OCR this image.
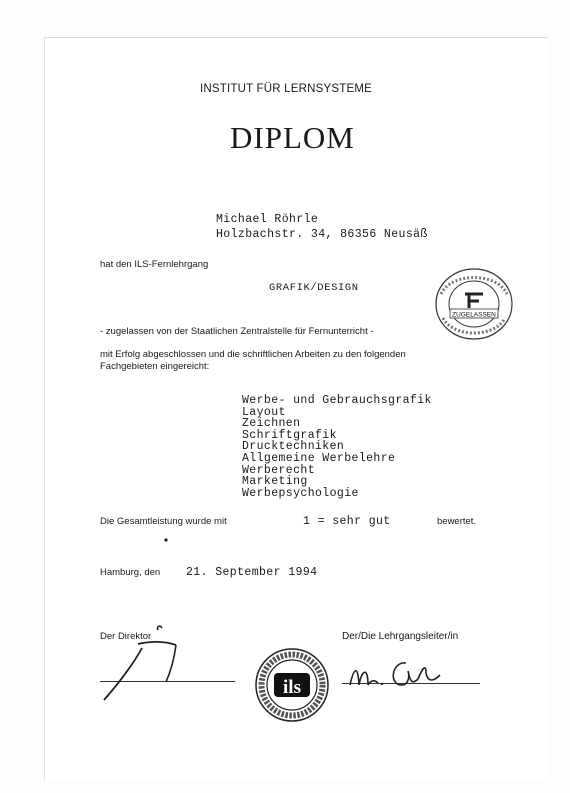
INSTITUT FÜR LERNSYSTEME
DIPLOM
Michael Röhrle
Holzbachstr. 34, 86356 Neusäß
hat den ILS-Fernlehrgang
GRAFIK/DESIGN
- zugelassen von der Staatlichen Zentralstelle für Fernunterricht -
mit Erfolg abgeschlossen und die schriftlichen Arbeiten zu den folgenden
Fachgebieten eingereicht:
Werbe- und Gebrauchsgrafik
Layout
Zeichnen
Schriftgrafik
Drucktechniken
Allgemeine Werbelehre
Werberecht
Marketing
Werbepsychologie
Die Gesamtleistung wurde mit	1 = sehr gut	bewertet.
Hamburg, den 21. September 1994
Der Direktor	Der/Die Lehrgangsleiter/in
ZUGELASSEN
ils
